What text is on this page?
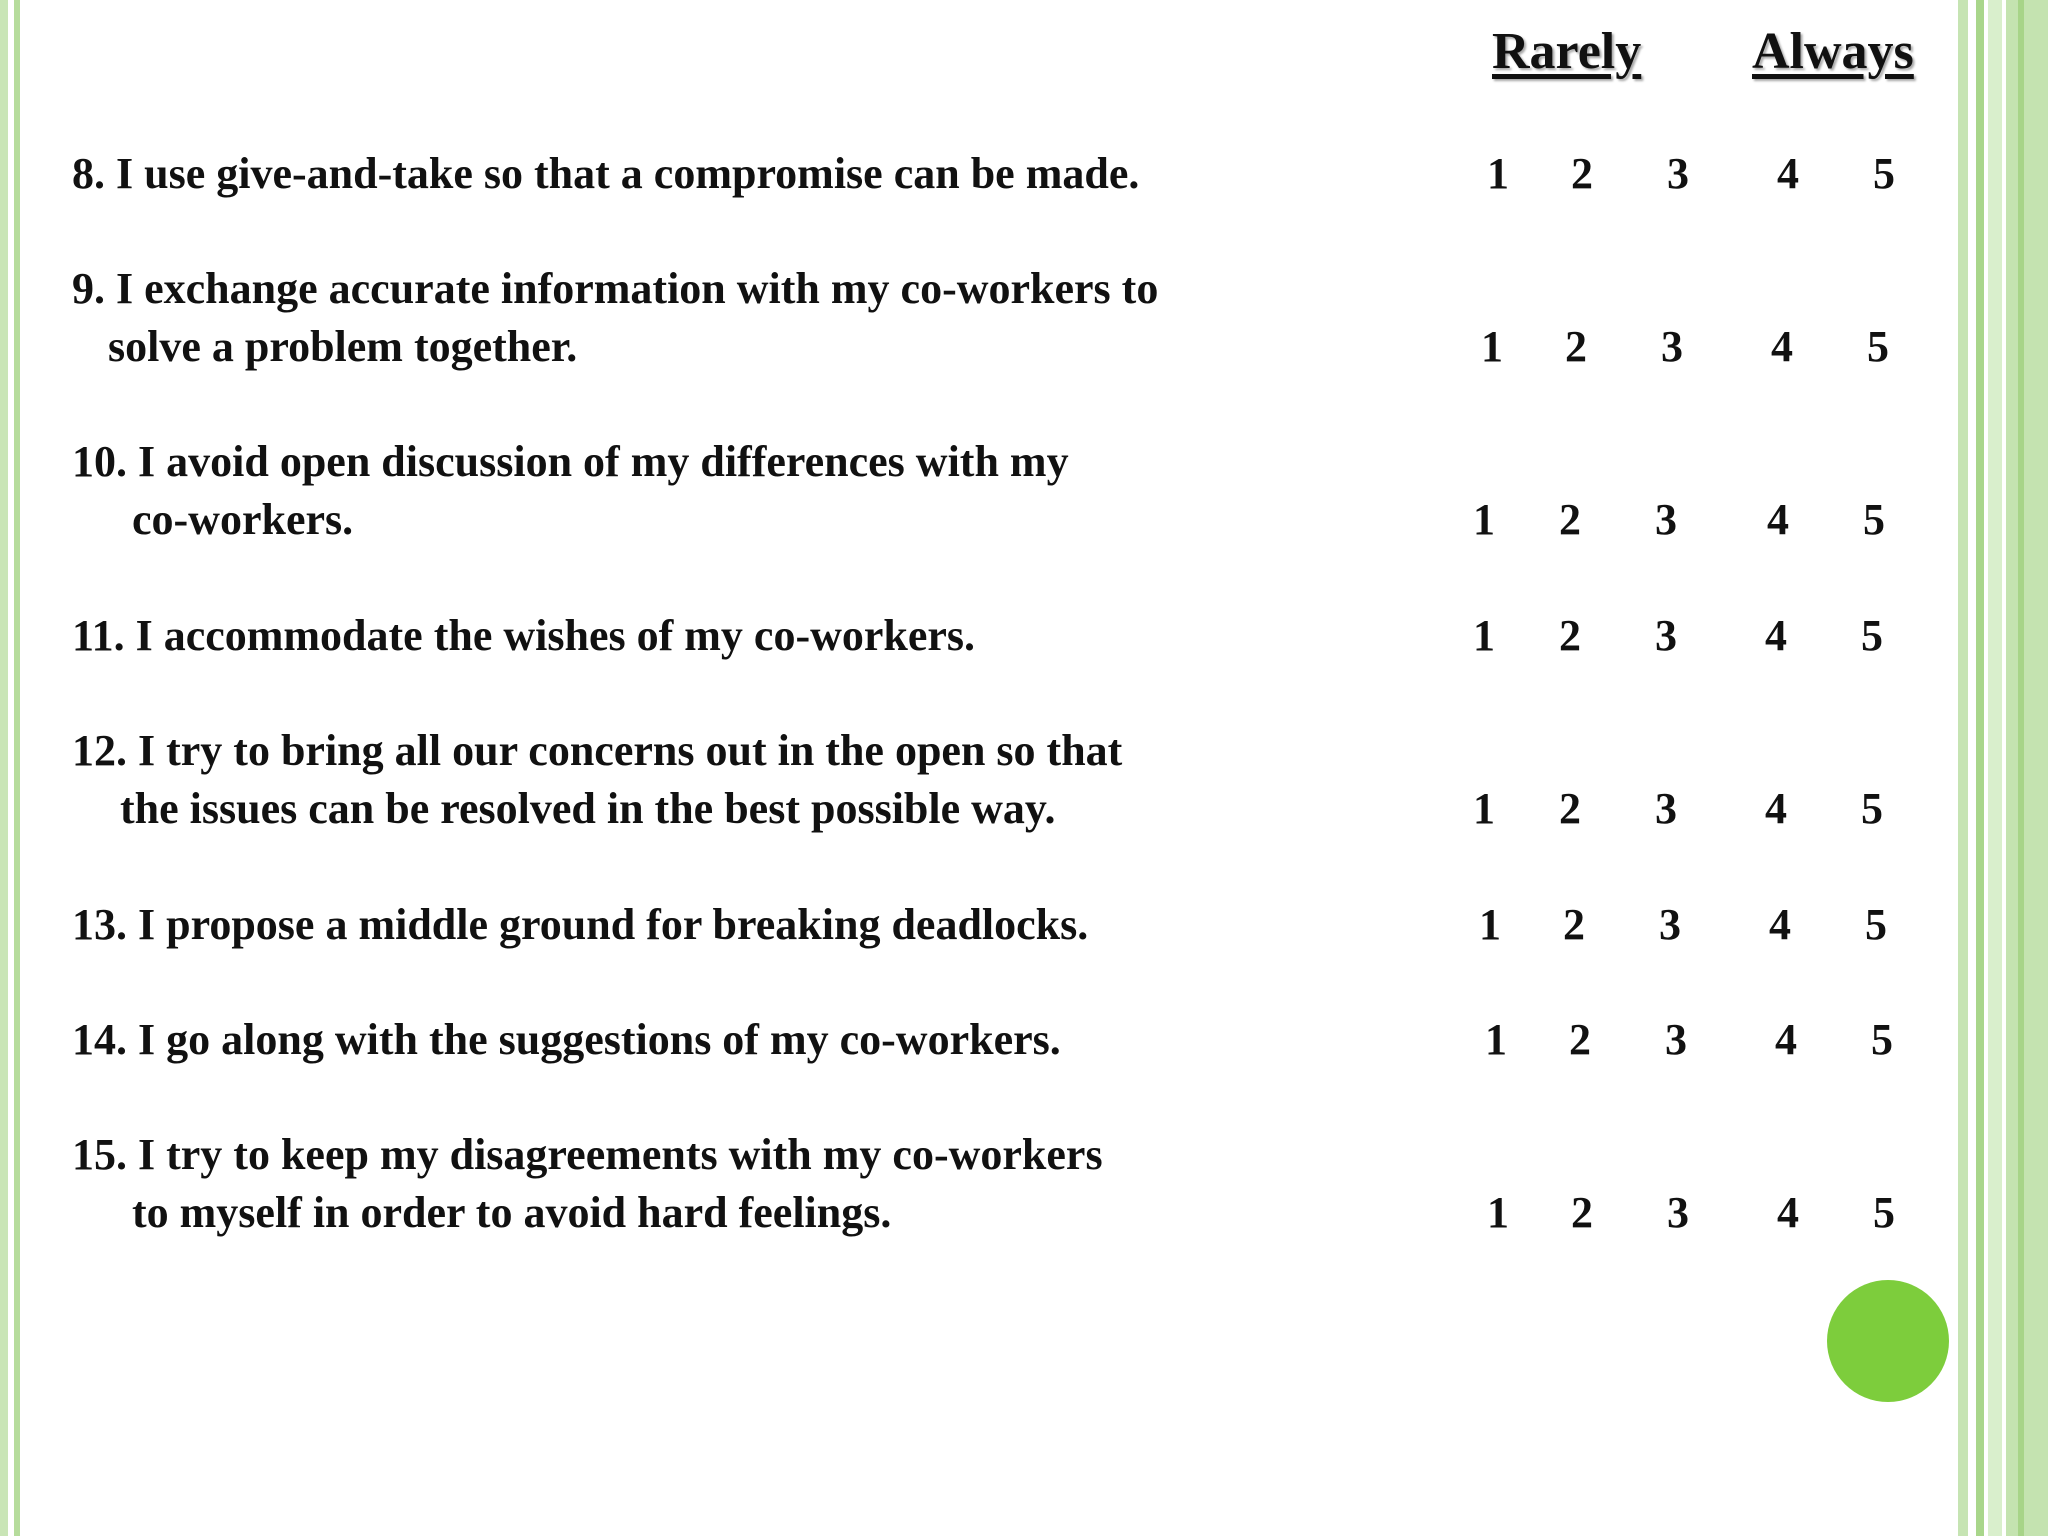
Rarely Always
8. I use give-and-take so that a compromise can be made.	1 2 3 4 5
9. I exchange accurate information with my co-workers to
solve a problem together.	1 2 3 4 5
10. I avoid open discussion of my differences with my
co-workers.	1 2 3 4 5
11. I accommodate the wishes of my co-workers.	1 2 3 4 5
12. I try to bring all our concerns out in the open so that
the issues can be resolved in the best possible way.	1 2 3 4 5
13. I propose a middle ground for breaking deadlocks.	1 2 3 4 5
14. I go along with the suggestions of my co-workers.	1 2 3 4 5
15. I try to keep my disagreements with my co-workers
to myself in order to avoid hard feelings.	1 2 3 4 5
